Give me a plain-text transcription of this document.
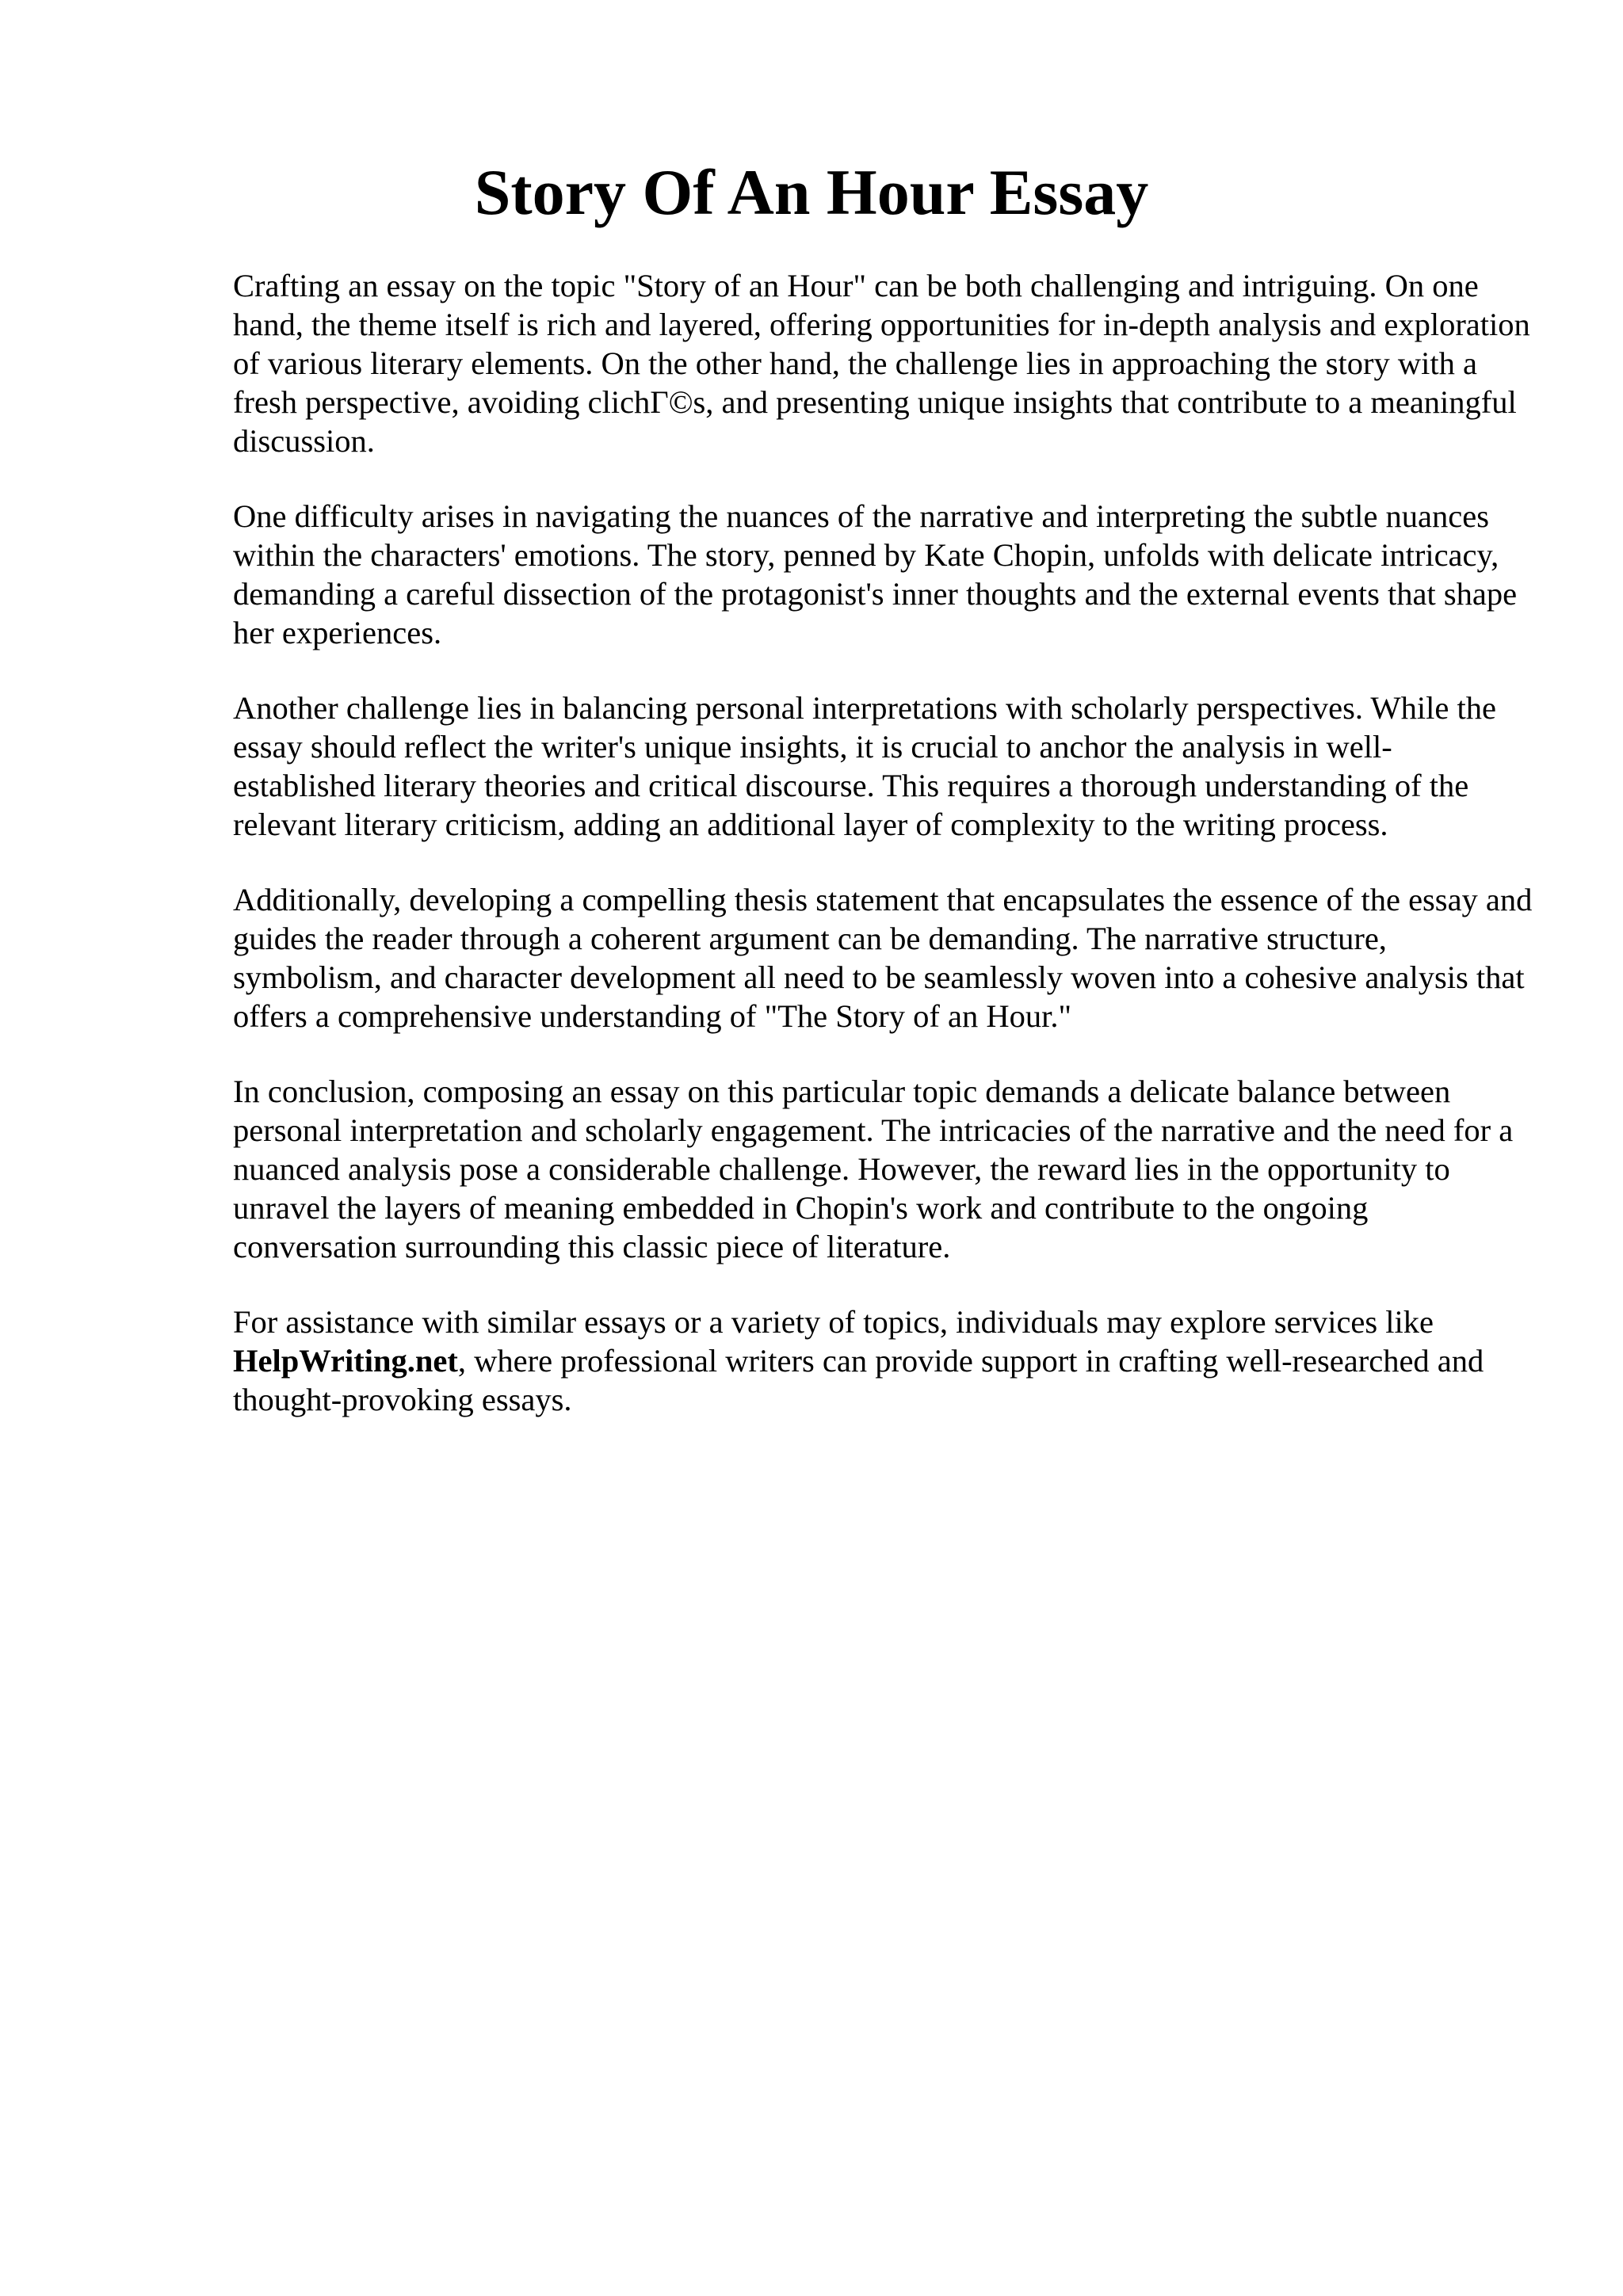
Story Of An Hour Essay

Crafting an essay on the topic "Story of an Hour" can be both challenging and intriguing. On one hand, the theme itself is rich and layered, offering opportunities for in-depth analysis and exploration of various literary elements. On the other hand, the challenge lies in approaching the story with a fresh perspective, avoiding clichΓ©s, and presenting unique insights that contribute to a meaningful discussion.

One difficulty arises in navigating the nuances of the narrative and interpreting the subtle nuances within the characters' emotions. The story, penned by Kate Chopin, unfolds with delicate intricacy, demanding a careful dissection of the protagonist's inner thoughts and the external events that shape her experiences.

Another challenge lies in balancing personal interpretations with scholarly perspectives. While the essay should reflect the writer's unique insights, it is crucial to anchor the analysis in well-established literary theories and critical discourse. This requires a thorough understanding of the relevant literary criticism, adding an additional layer of complexity to the writing process.

Additionally, developing a compelling thesis statement that encapsulates the essence of the essay and guides the reader through a coherent argument can be demanding. The narrative structure, symbolism, and character development all need to be seamlessly woven into a cohesive analysis that offers a comprehensive understanding of "The Story of an Hour."

In conclusion, composing an essay on this particular topic demands a delicate balance between personal interpretation and scholarly engagement. The intricacies of the narrative and the need for a nuanced analysis pose a considerable challenge. However, the reward lies in the opportunity to unravel the layers of meaning embedded in Chopin's work and contribute to the ongoing conversation surrounding this classic piece of literature.

For assistance with similar essays or a variety of topics, individuals may explore services like HelpWriting.net, where professional writers can provide support in crafting well-researched and thought-provoking essays.
